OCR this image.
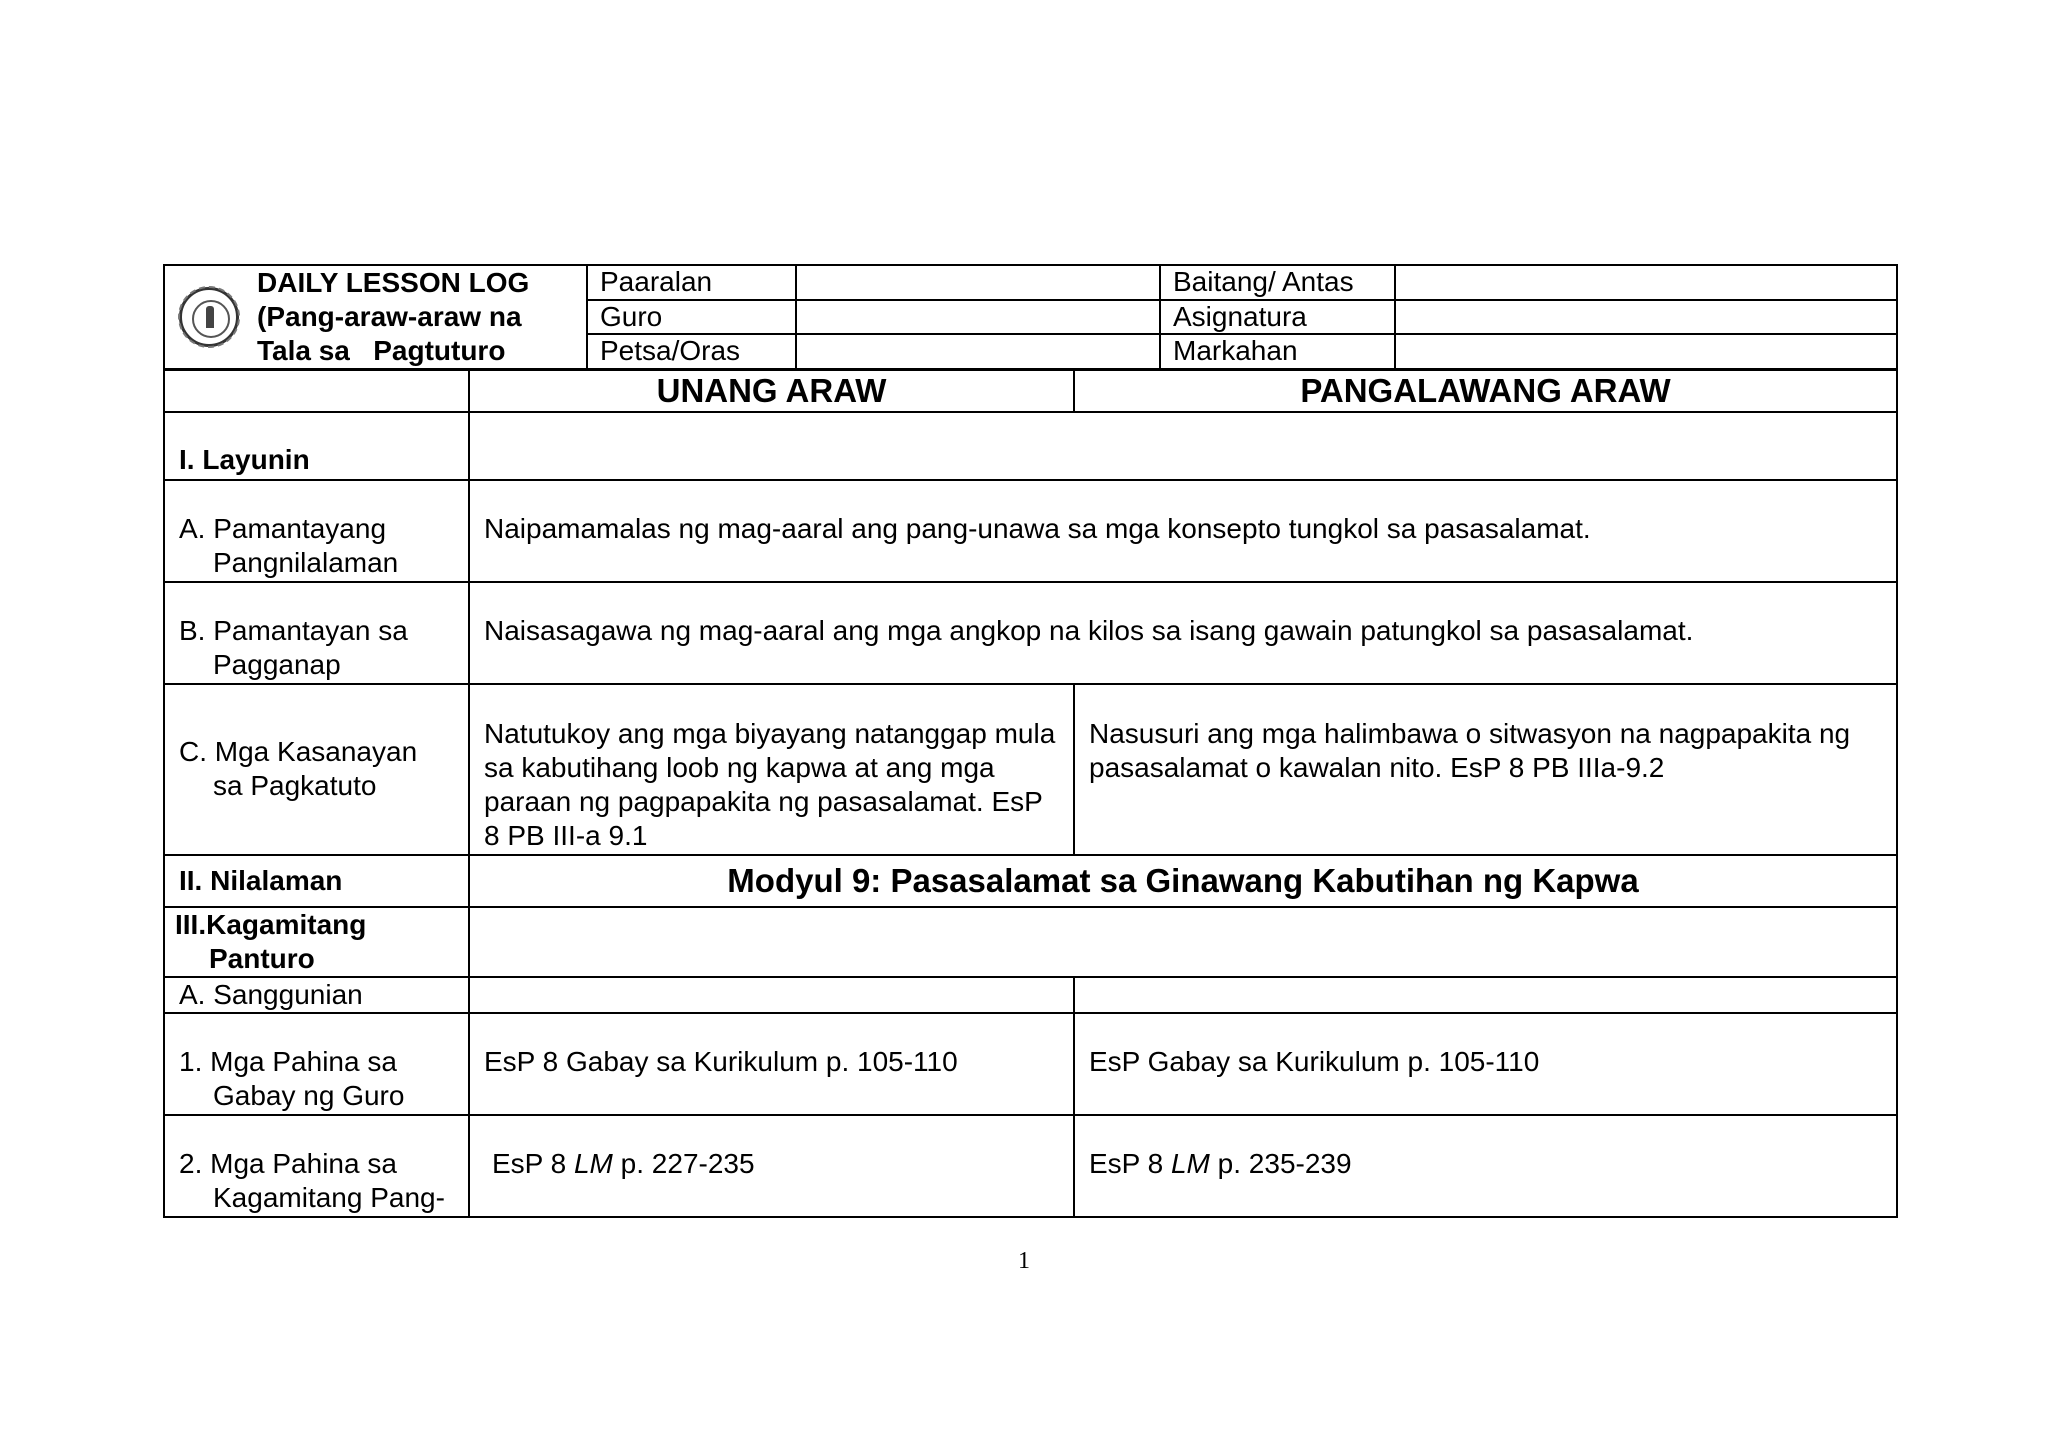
DAILY LESSON LOG
(Pang-araw-araw na
Tala sa   Pagtuturo	Paaralan		Baitang/ Antas	
	Guro		Asignatura	
	Petsa/Oras		Markahan	
	UNANG ARAW	PANGALAWANG ARAW
I. Layunin		
A. Pamantayang
Pangnilalaman	Naipamamalas ng mag-aaral ang pang-unawa sa mga konsepto tungkol sa pasasalamat.	
B. Pamantayan sa
Pagganap	Naisasagawa ng mag-aaral ang mga angkop na kilos sa isang gawain patungkol sa pasasalamat.	
C. Mga Kasanayan
sa Pagkatuto	Natutukoy ang mga biyayang natanggap mula sa kabutihang loob ng kapwa at ang mga paraan ng pagpapakita ng pasasalamat. EsP 8 PB III-a 9.1	Nasusuri ang mga halimbawa o sitwasyon na nagpapakita ng pasasalamat o kawalan nito. EsP 8 PB IIIa-9.2
II. Nilalaman	Modyul 9: Pasasalamat sa Ginawang Kabutihan ng Kapwa	
III.Kagamitang
Panturo		

A. Sanggunian		
1. Mga Pahina sa
Gabay ng Guro	EsP 8 Gabay sa Kurikulum p. 105-110	EsP Gabay sa Kurikulum p. 105-110
2. Mga Pahina sa
Kagamitang Pang-	EsP 8 LM p. 227-235	EsP 8 LM p. 235-239
1
